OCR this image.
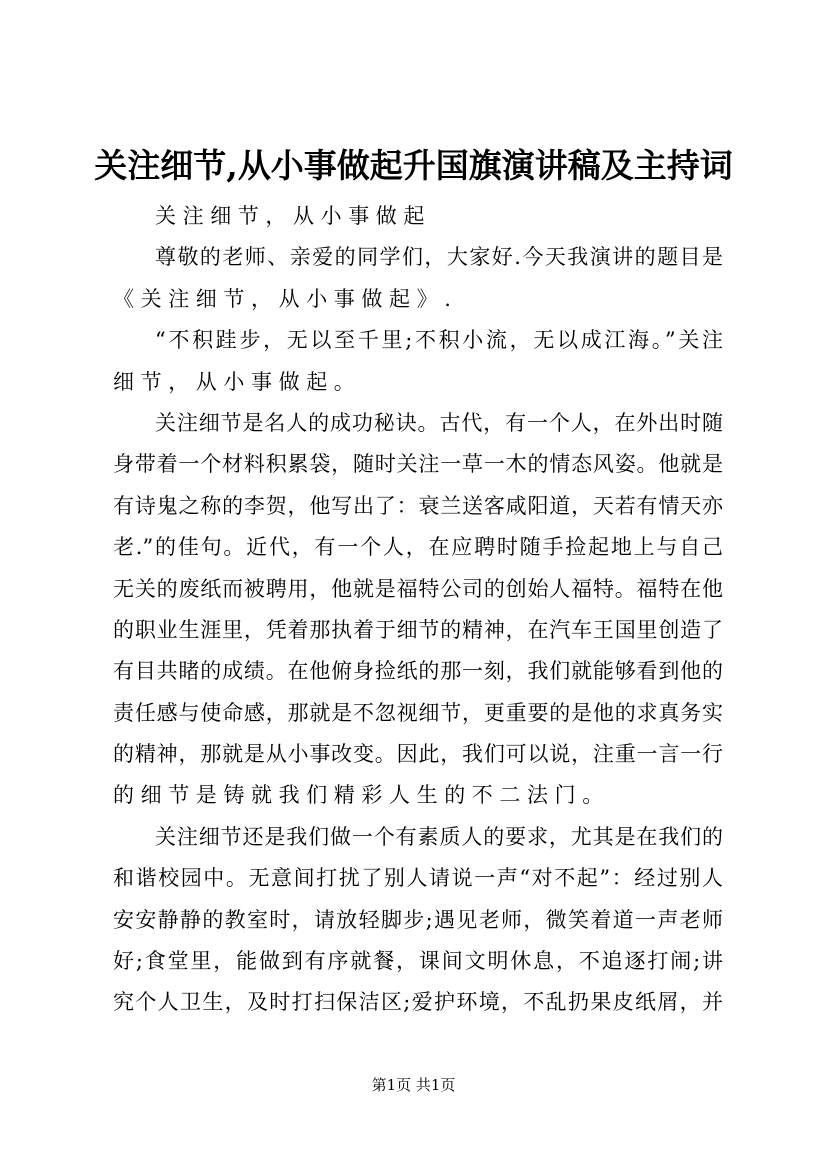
关注细节,从小事做起升国旗演讲稿及主持词
关注细节，从小事做起
尊敬的老师、亲爱的同学们，大家好.今天我演讲的题目是
《关注细节，从小事做起》.
“不积跬步，无以至千里;不积小流，无以成江海。”关注
细节，从小事做起。
关注细节是名人的成功秘诀。古代，有一个人，在外出时随
身带着一个材料积累袋，随时关注一草一木的情态风姿。他就是
有诗鬼之称的李贺，他写出了：衰兰送客咸阳道，天若有情天亦
老.”的佳句。近代，有一个人，在应聘时随手捡起地上与自己
无关的废纸而被聘用，他就是福特公司的创始人福特。福特在他
的职业生涯里，凭着那执着于细节的精神，在汽车王国里创造了
有目共睹的成绩。在他俯身捡纸的那一刻，我们就能够看到他的
责任感与使命感，那就是不忽视细节，更重要的是他的求真务实
的精神，那就是从小事改变。因此，我们可以说，注重一言一行
的细节是铸就我们精彩人生的不二法门。
关注细节还是我们做一个有素质人的要求，尤其是在我们的
和谐校园中。无意间打扰了别人请说一声“对不起”：经过别人
安安静静的教室时，请放轻脚步;遇见老师，微笑着道一声老师
好;食堂里，能做到有序就餐，课间文明休息，不追逐打闹;讲
究个人卫生，及时打扫保洁区;爱护环境，不乱扔果皮纸屑，并
第1页 共1页
